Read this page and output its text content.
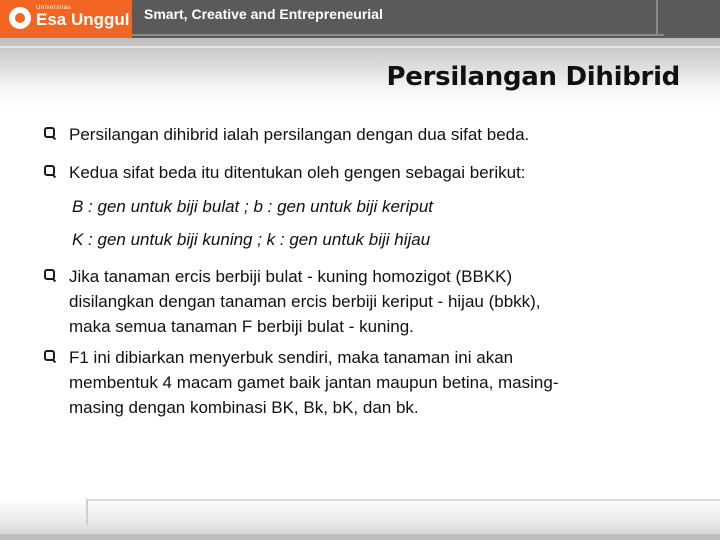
Universitas
Esa Unggul Smart, Creative and Entrepreneurial
Persilangan Dihibrid
Persilangan dihibrid ialah persilangan dengan dua sifat beda.
Kedua sifat beda itu ditentukan oleh gengen sebagai berikut:
B : gen untuk biji bulat ; b : gen untuk biji keriput
K : gen untuk biji kuning ; k : gen untuk biji hijau
Jika tanaman ercis berbiji bulat - kuning homozigot (BBKK)
disilangkan dengan tanaman ercis berbiji keriput - hijau (bbkk),
maka semua tanaman F berbiji bulat - kuning.
F1 ini dibiarkan menyerbuk sendiri, maka tanaman ini akan
membentuk 4 macam gamet baik jantan maupun betina, masing-
masing dengan kombinasi BK, Bk, bK, dan bk.
